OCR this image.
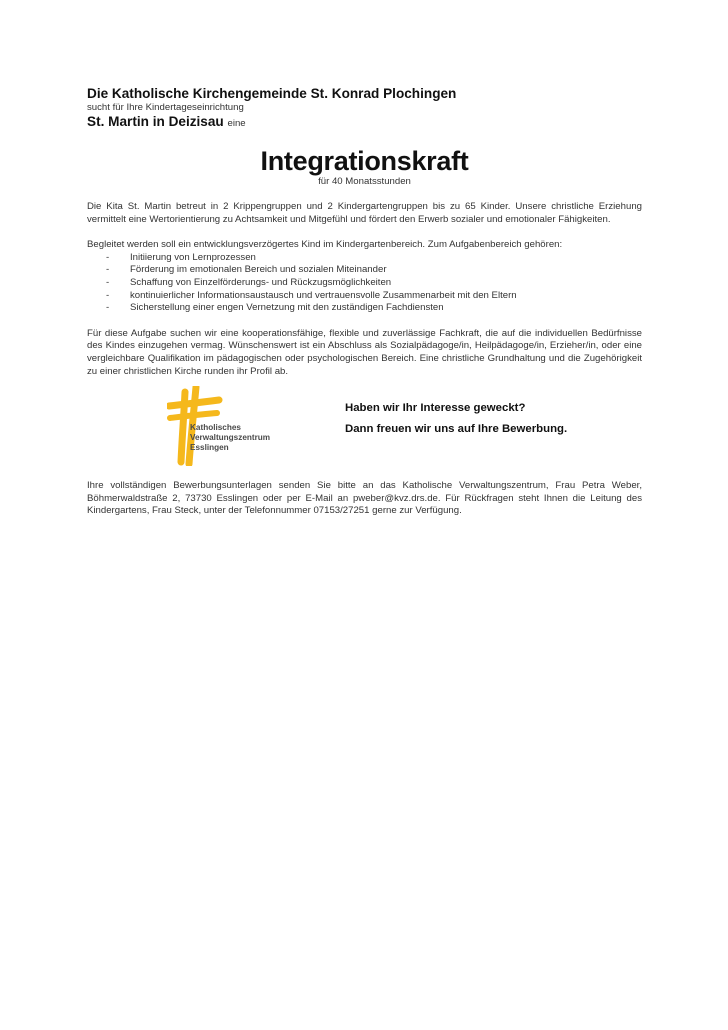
Die Katholische Kirchengemeinde St. Konrad Plochingen
sucht für Ihre Kindertageseinrichtung
St. Martin in Deizisau eine
Integrationskraft
für 40 Monatsstunden

Die Kita St. Martin betreut in 2 Krippengruppen und 2 Kindergartengruppen bis zu 65 Kinder. Unsere christliche Erziehung vermittelt eine Wertorientierung zu Achtsamkeit und Mitgefühl und fördert den Erwerb sozialer und emotionaler Fähigkeiten.

Begleitet werden soll ein entwicklungsverzögertes Kind im Kindergartenbereich. Zum Aufgabenbereich gehören:

- Initiierung von Lernprozessen
- Förderung im emotionalen Bereich und sozialen Miteinander
- Schaffung von Einzelförderungs- und Rückzugsmöglichkeiten
- kontinuierlicher Informationsaustausch und vertrauensvolle Zusammenarbeit mit den Eltern
- Sicherstellung einer engen Vernetzung mit den zuständigen Fachdiensten

Für diese Aufgabe suchen wir eine kooperationsfähige, flexible und zuverlässige Fachkraft, die auf die individuellen Bedürfnisse des Kindes einzugehen vermag. Wünschenswert ist ein Abschluss als Sozialpädagoge/in, Heilpädagoge/in, Erzieher/in, oder eine vergleichbare Qualifikation im pädagogischen oder psychologischen Bereich. Eine christliche Grundhaltung und die Zugehörigkeit zu einer christlichen Kirche runden ihr Profil ab.

Katholisches
Verwaltungszentrum
Esslingen
Haben wir Ihr Interesse geweckt?
Dann freuen wir uns auf Ihre Bewerbung.

Ihre vollständigen Bewerbungsunterlagen senden Sie bitte an das Katholische Verwaltungszentrum, Frau Petra Weber, Böhmerwaldstraße 2, 73730 Esslingen oder per E-Mail an pweber@kvz.drs.de. Für Rückfragen steht Ihnen die Leitung des Kindergartens, Frau Steck, unter der Telefonnummer 07153/27251 gerne zur Verfügung.
